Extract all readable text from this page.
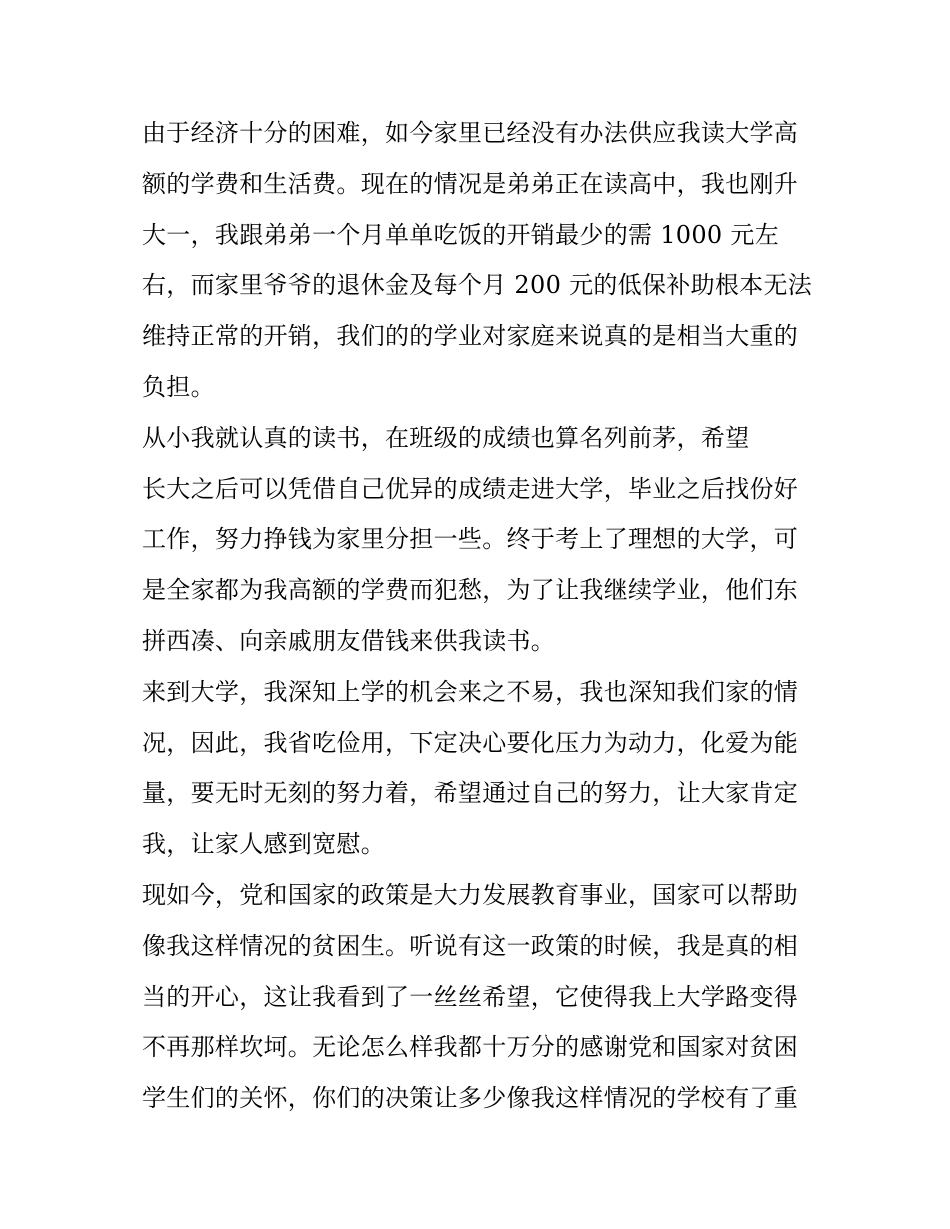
由于经济十分的困难，如今家里已经没有办法供应我读大学高
额的学费和生活费。现在的情况是弟弟正在读高中，我也刚升
大一，我跟弟弟一个月单单吃饭的开销最少的需 1000 元左
右，而家里爷爷的退休金及每个月 200 元的低保补助根本无法
维持正常的开销，我们的的学业对家庭来说真的是相当大重的
负担。
从小我就认真的读书，在班级的成绩也算名列前茅，希望
长大之后可以凭借自己优异的成绩走进大学，毕业之后找份好
工作，努力挣钱为家里分担一些。终于考上了理想的大学，可
是全家都为我高额的学费而犯愁，为了让我继续学业，他们东
拼西凑、向亲戚朋友借钱来供我读书。
来到大学，我深知上学的机会来之不易，我也深知我们家的情
况，因此，我省吃俭用，下定决心要化压力为动力，化爱为能
量，要无时无刻的努力着，希望通过自己的努力，让大家肯定
我，让家人感到宽慰。
现如今，党和国家的政策是大力发展教育事业，国家可以帮助
像我这样情况的贫困生。听说有这一政策的时候，我是真的相
当的开心，这让我看到了一丝丝希望，它使得我上大学路变得
不再那样坎坷。无论怎么样我都十万分的感谢党和国家对贫困
学生们的关怀，你们的决策让多少像我这样情况的学校有了重
